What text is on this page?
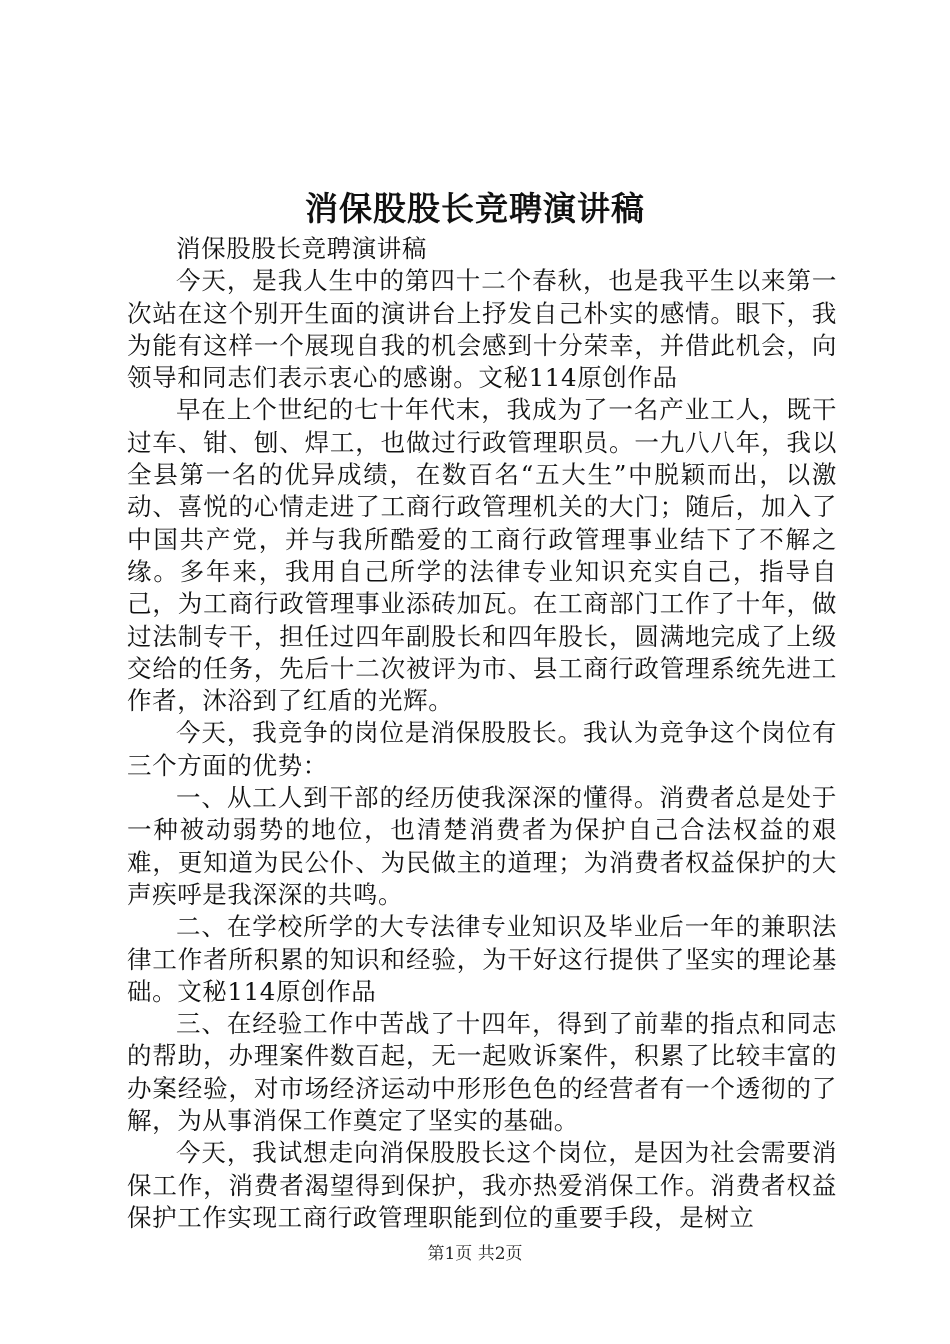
消保股股长竞聘演讲稿

消保股股长竞聘演讲稿

今天，是我人生中的第四十二个春秋，也是我平生以来第一次站在这个别开生面的演讲台上抒发自己朴实的感情。眼下，我为能有这样一个展现自我的机会感到十分荣幸，并借此机会，向领导和同志们表示衷心的感谢。文秘114原创作品

早在上个世纪的七十年代末，我成为了一名产业工人，既干过车、钳、刨、焊工，也做过行政管理职员。一九八八年，我以全县第一名的优异成绩，在数百名“五大生”中脱颖而出，以激动、喜悦的心情走进了工商行政管理机关的大门；随后，加入了中国共产党，并与我所酷爱的工商行政管理事业结下了不解之缘。多年来，我用自己所学的法律专业知识充实自己，指导自己，为工商行政管理事业添砖加瓦。在工商部门工作了十年，做过法制专干，担任过四年副股长和四年股长，圆满地完成了上级交给的任务，先后十二次被评为市、县工商行政管理系统先进工作者，沐浴到了红盾的光辉。

今天，我竞争的岗位是消保股股长。我认为竞争这个岗位有三个方面的优势：

一、从工人到干部的经历使我深深的懂得。消费者总是处于一种被动弱势的地位，也清楚消费者为保护自己合法权益的艰难，更知道为民公仆、为民做主的道理；为消费者权益保护的大声疾呼是我深深的共鸣。

二、在学校所学的大专法律专业知识及毕业后一年的兼职法律工作者所积累的知识和经验，为干好这行提供了坚实的理论基础。文秘114原创作品

三、在经验工作中苦战了十四年，得到了前辈的指点和同志的帮助，办理案件数百起，无一起败诉案件，积累了比较丰富的办案经验，对市场经济运动中形形色色的经营者有一个透彻的了解，为从事消保工作奠定了坚实的基础。

今天，我试想走向消保股股长这个岗位，是因为社会需要消保工作，消费者渴望得到保护，我亦热爱消保工作。消费者权益保护工作实现工商行政管理职能到位的重要手段，是树立

第1页 共2页
